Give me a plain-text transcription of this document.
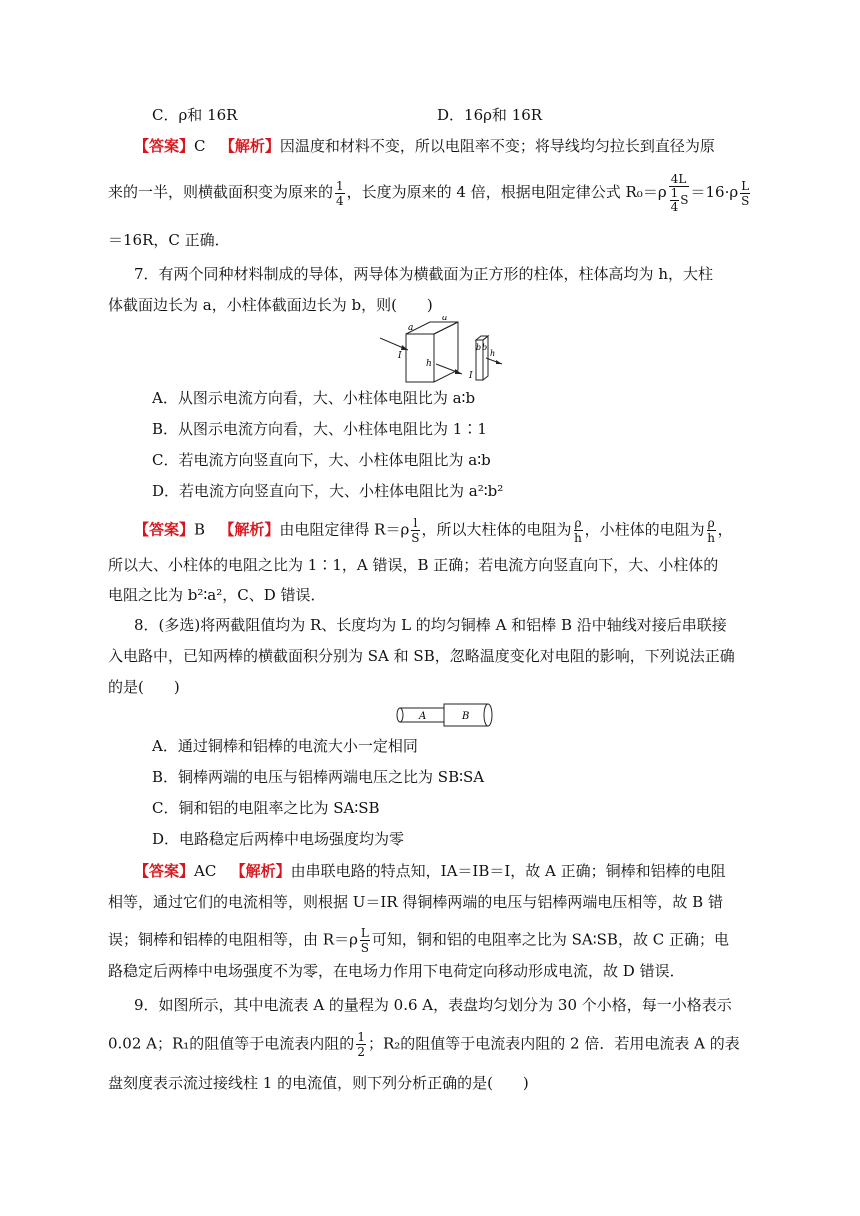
C．ρ和 16R	D．16ρ和 16R
【答案】C 【解析】因温度和材料不变，所以电阻率不变；将导线均匀拉长到直径为原
来的一半，则横截面积变为原来的 $\frac{1}{4}$ ，长度为原来的 4 倍，根据电阻定律公式 $R_0=\rho \frac{4L}{\frac{1}{4} S} =16\cdot\rho \frac{L}{S}$
＝16R，C 正确．
7．有两个同种材料制成的导体，两导体为横截面为正方形的柱体，柱体高均为 h，大柱
体截面边长为 a，小柱体截面边长为 b，则(　　)
a
a
h
I
b b
h
I
A．从图示电流方向看，大、小柱体电阻比为 a∶b
B．从图示电流方向看，大、小柱体电阻比为 1∶1
C．若电流方向竖直向下，大、小柱体电阻比为 a∶b
D．若电流方向竖直向下，大、小柱体电阻比为 a²∶b²
【答案】B 【解析】由电阻定律得 $R=\rho \frac{l}{S}$ ，所以大柱体的电阻为 $\frac{\rho}{h}$ ，小柱体的电阻为 $\frac{\rho}{h}$ ，
所以大、小柱体的电阻之比为 1∶1，A 错误，B 正确；若电流方向竖直向下，大、小柱体的
电阻之比为 b²∶a²，C、D 错误．
8．(多选)将两截阻值均为 R、长度均为 L 的均匀铜棒 A 和铝棒 B 沿中轴线对接后串联接
入电路中，已知两棒的横截面积分别为 SA 和 SB，忽略温度变化对电阻的影响，下列说法正确
的是(　　)
A	B
A．通过铜棒和铝棒的电流大小一定相同
B．铜棒两端的电压与铝棒两端电压之比为 SB∶SA
C．铜和铝的电阻率之比为 SA∶SB
D．电路稳定后两棒中电场强度均为零
【答案】AC 【解析】由串联电路的特点知，IA＝IB＝I，故 A 正确；铜棒和铝棒的电阻
相等，通过它们的电流相等，则根据 U＝IR 得铜棒两端的电压与铝棒两端电压相等，故 B 错
误；铜棒和铝棒的电阻相等，由 $R=\rho \frac{L}{S}$ 可知，铜和铝的电阻率之比为 SA∶SB，故 C 正确；电
路稳定后两棒中电场强度不为零，在电场力作用下电荷定向移动形成电流，故 D 错误．
9．如图所示，其中电流表 A 的量程为 0.6 A，表盘均匀划分为 30 个小格，每一小格表示
0.02 A；R₁的阻值等于电流表内阻的 $\frac{1}{2}$ ；R₂的阻值等于电流表内阻的 2 倍．若用电流表 A 的表
盘刻度表示流过接线柱 1 的电流值，则下列分析正确的是(　　)
